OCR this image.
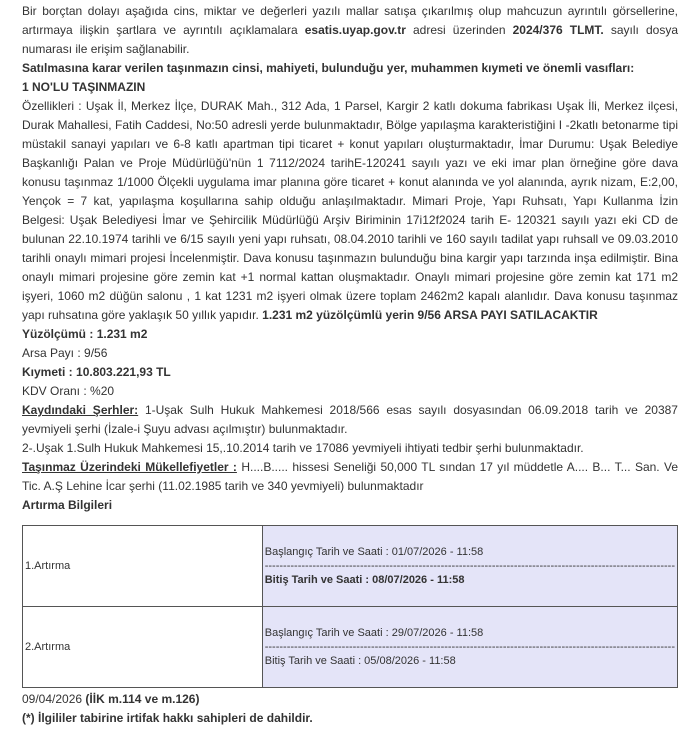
Bir borçtan dolayı aşağıda cins, miktar ve değerleri yazılı mallar satışa çıkarılmış olup mahcuzun ayrıntılı görsellerine, artırmaya ilişkin şartlara ve ayrıntılı açıklamalara esatis.uyap.gov.tr adresi üzerinden 2024/376 TLMT. sayılı dosya numarası ile erişim sağlanabilir.

Satılmasına karar verilen taşınmazın cinsi, mahiyeti, bulunduğu yer, muhammen kıymeti ve önemli vasıfları:

1 NO'LU TAŞINMAZIN

Özellikleri : Uşak İl, Merkez İlçe, DURAK Mah., 312 Ada, 1 Parsel, Kargir 2 katlı dokuma fabrikası Uşak İli, Merkez ilçesi, Durak Mahallesi, Fatih Caddesi, No:50 adresli yerde bulunmaktadır, Bölge yapılaşma karakteristiğini I -2katlı betonarme tipi müstakil sanayi yapıları ve 6-8 katlı apartman tipi ticaret + konut yapıları oluşturmaktadır, İmar Durumu: Uşak Belediye Başkanlığı Palan ve Proje Müdürlüğü'nün 1 7112/2024 tarihE-120241 sayılı yazı ve eki imar plan örneğine göre dava konusu taşınmaz 1/1000 Ölçekli uygulama imar planına göre ticaret + konut alanında ve yol alanında, ayrık nizam, E:2,00, Yençok = 7 kat, yapılaşma koşullarına sahip olduğu anlaşılmaktadır. Mimari Proje, Yapı Ruhsatı, Yapı Kullanma İzin Belgesi: Uşak Belediyesi İmar ve Şehircilik Müdürlüğü Arşiv Biriminin 17i12f2024 tarih E- 120321 sayılı yazı eki CD de bulunan 22.10.1974 tarihli ve 6/15 sayılı yeni yapı ruhsatı, 08.04.2010 tarihli ve 160 sayılı tadilat yapı ruhsall ve 09.03.2010 tarihli onaylı mimari projesi İncelenmiştir. Dava konusu taşınmazın bulunduğu bina kargir yapı tarzında inşa edilmiştir. Bina onaylı mimari projesine göre zemin kat +1 normal kattan oluşmaktadır. Onaylı mimari projesine göre zemin kat 171 m2 işyeri, 1060 m2 düğün salonu , 1 kat 1231 m2 işyeri olmak üzere toplam 2462m2 kapalı alanlıdır. Dava konusu taşınmaz yapı ruhsatına göre yaklaşık 50 yıllık yapıdır. 1.231 m2 yüzölçümlü yerin 9/56 ARSA PAYI SATILACAKTIR

Yüzölçümü : 1.231 m2

Arsa Payı : 9/56

Kıymeti : 10.803.221,93 TL

KDV Oranı : %20

Kaydındaki Şerhler: 1-Uşak Sulh Hukuk Mahkemesi 2018/566 esas sayılı dosyasından 06.09.2018 tarih ve 20387 yevmiyeli şerhi (İzale-i Şuyu advası açılmıştır) bulunmaktadır.

2-.Uşak 1.Sulh Hukuk Mahkemesi 15,.10.2014 tarih ve 17086 yevmiyeli ihtiyati tedbir şerhi bulunmaktadır.

Taşınmaz Üzerindeki Mükellefiyetler : H....B..... hissesi Seneliği 50,000 TL sından 17 yıl müddetle A.... B... T... San. Ve Tic. A.Ş Lehine İcar şerhi (11.02.1985 tarih ve 340 yevmiyeli) bulunmaktadır

Artırma Bilgileri

1.Artırma	Başlangıç Tarih ve Saati : 01/07/2026 - 11:58
----------------------------------------------------------------------------------------------------------------
Bitiş Tarih ve Saati : 08/07/2026 - 11:58

2.Artırma	Başlangıç Tarih ve Saati : 29/07/2026 - 11:58
----------------------------------------------------------------------------------------------------------------
Bitiş Tarih ve Saati : 05/08/2026 - 11:58

09/04/2026 (İİK m.114 ve m.126)

(*) İlgililer tabirine irtifak hakkı sahipleri de dahildir.
